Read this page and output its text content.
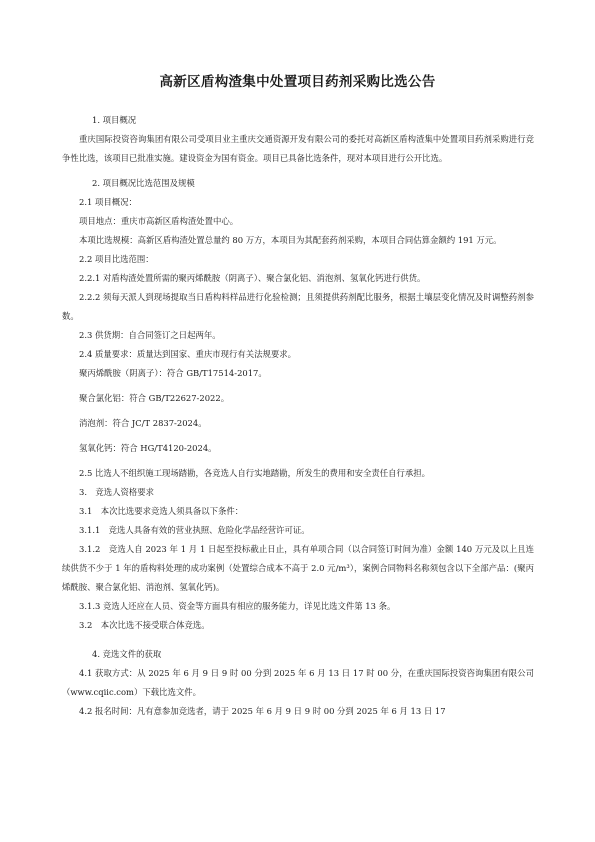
高新区盾构渣集中处置项目药剂采购比选公告

1. 项目概况

重庆国际投资咨询集团有限公司受项目业主重庆交通资源开发有限公司的委托对高新区盾构渣集中处置项目药剂采购进行竞争性比选，该项目已批准实施。建设资金为国有资金。项目已具备比选条件，现对本项目进行公开比选。

2. 项目概况比选范围及规模

2.1 项目概况：

项目地点：重庆市高新区盾构渣处置中心。

本项比选规模：高新区盾构渣处置总量约 80 万方，本项目为其配套药剂采购，本项目合同估算金额约 191 万元。

2.2 项目比选范围：

2.2.1 对盾构渣处置所需的聚丙烯酰胺（阴离子）、聚合氯化铝、消泡剂、氢氧化钙进行供货。

2.2.2 须每天派人到现场提取当日盾构料样品进行化验检测；且须提供药剂配比服务，根据土壤层变化情况及时调整药剂参数。

2.3 供货期：自合同签订之日起两年。

2.4 质量要求：质量达到国家、重庆市现行有关法规要求。

聚丙烯酰胺（阴离子）：符合 GB/T17514-2017。

聚合氯化铝：符合 GB/T22627-2022。

消泡剂：符合 JC/T 2837-2024。

氢氧化钙：符合 HG/T4120-2024。

2.5 比选人不组织施工现场踏勘，各竞选人自行实地踏勘，所发生的费用和安全责任自行承担。

3.　竞选人资格要求

3.1　本次比选要求竞选人须具备以下条件：

3.1.1　竞选人具备有效的营业执照、危险化学品经营许可证。

3.1.2　竞选人自 2023 年 1 月 1 日起至投标截止日止，具有单项合同（以合同签订时间为准）金额 140 万元及以上且连续供货不少于 1 年的盾构料处理的成功案例（处置综合成本不高于 2.0 元/m³），案例合同物料名称须包含以下全部产品：(聚丙烯酰胺、聚合氯化铝、消泡剂、氢氧化钙)。

3.1.3 竞选人还应在人员、资金等方面具有相应的服务能力，详见比选文件第 13 条。

3.2　本次比选不接受联合体竞选。

4. 竞选文件的获取

4.1 获取方式：从 2025 年 6 月 9 日 9 时 00 分到 2025 年 6 月 13 日 17 时 00 分，在重庆国际投资咨询集团有限公司（www.cqiic.com）下载比选文件。

4.2 报名时间：凡有意参加竞选者，请于 2025 年 6 月 9 日 9 时 00 分到 2025 年 6 月 13 日 17
